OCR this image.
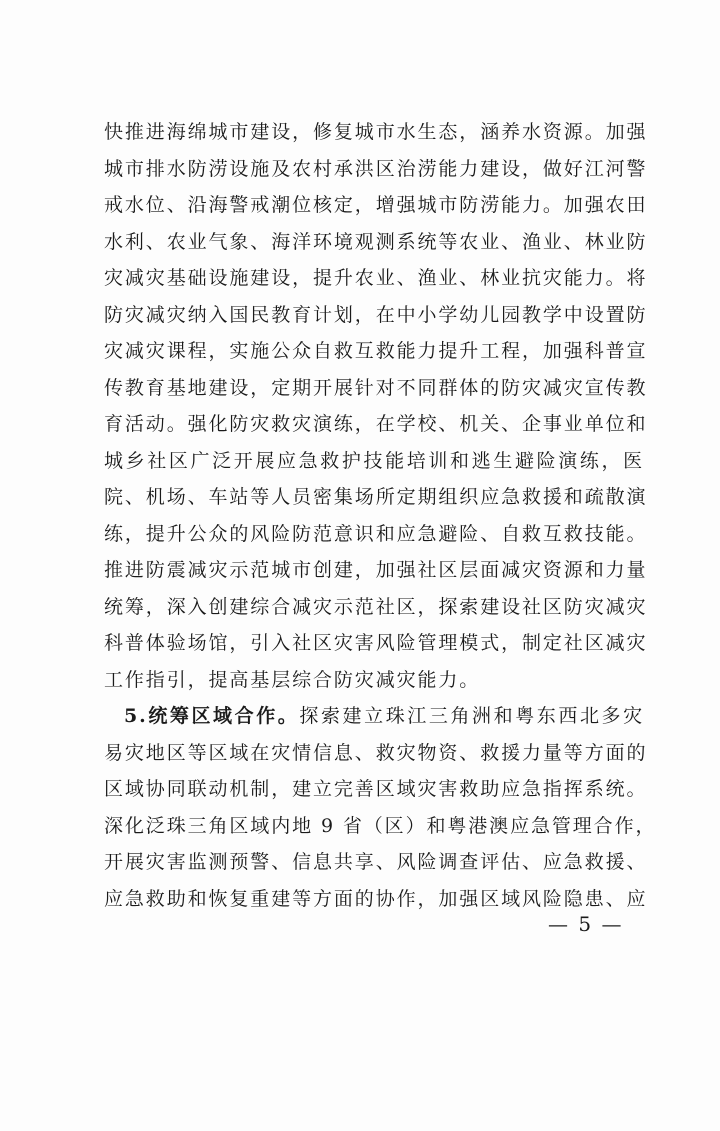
快推进海绵城市建设，修复城市水生态，涵养水资源。加强
城市排水防涝设施及农村承洪区治涝能力建设，做好江河警
戒水位、沿海警戒潮位核定，增强城市防涝能力。加强农田
水利、农业气象、海洋环境观测系统等农业、渔业、林业防
灾减灾基础设施建设，提升农业、渔业、林业抗灾能力。将
防灾减灾纳入国民教育计划，在中小学幼儿园教学中设置防
灾减灾课程，实施公众自救互救能力提升工程，加强科普宣
传教育基地建设，定期开展针对不同群体的防灾减灾宣传教
育活动。强化防灾救灾演练，在学校、机关、企事业单位和
城乡社区广泛开展应急救护技能培训和逃生避险演练，医
院、机场、车站等人员密集场所定期组织应急救援和疏散演
练，提升公众的风险防范意识和应急避险、自救互救技能。
推进防震减灾示范城市创建，加强社区层面减灾资源和力量
统筹，深入创建综合减灾示范社区，探索建设社区防灾减灾
科普体验场馆，引入社区灾害风险管理模式，制定社区减灾
工作指引，提高基层综合防灾减灾能力。
5.统筹区域合作。探索建立珠江三角洲和粤东西北多灾
易灾地区等区域在灾情信息、救灾物资、救援力量等方面的
区域协同联动机制，建立完善区域灾害救助应急指挥系统。
深化泛珠三角区域内地 9 省（区）和粤港澳应急管理合作，
开展灾害监测预警、信息共享、风险调查评估、应急救援、
应急救助和恢复重建等方面的协作，加强区域风险隐患、应
— 5 —
